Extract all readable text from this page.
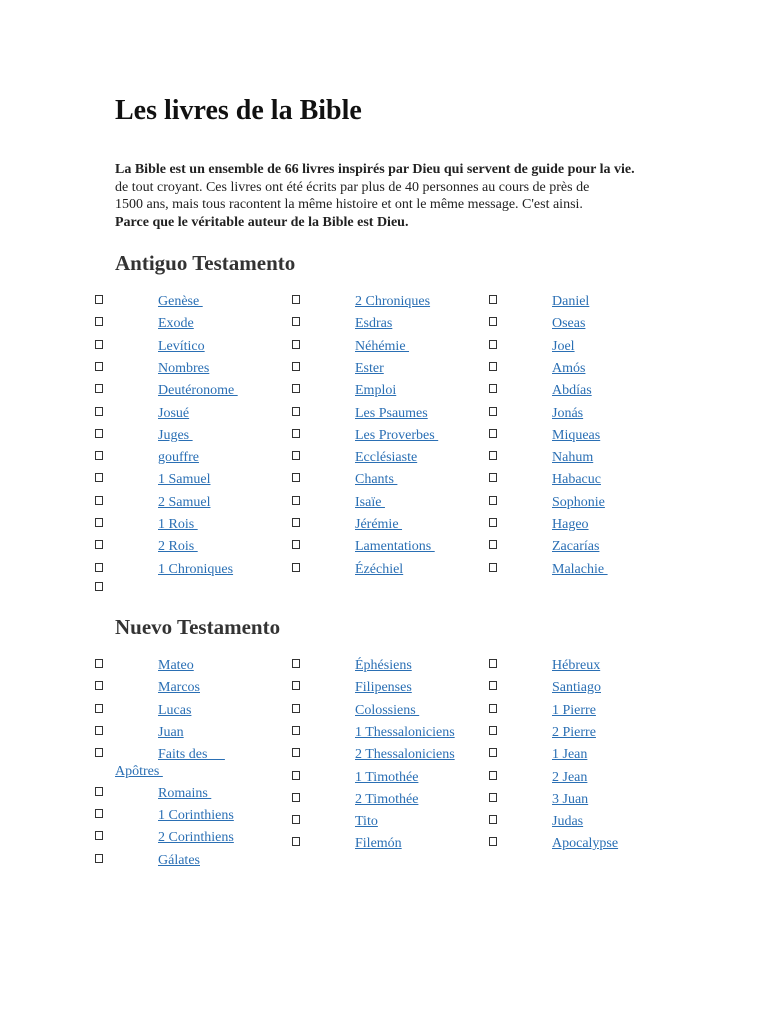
Les livres de la Bible
La Bible est un ensemble de 66 livres inspirés par Dieu qui servent de guide pour la vie.
de tout croyant. Ces livres ont été écrits par plus de 40 personnes au cours de près de
1500 ans, mais tous racontent la même histoire et ont le même message. C'est ainsi.
Parce que le véritable auteur de la Bible est Dieu.
Antiguo Testamento
Genèse
Exode
Levítico
Nombres
Deutéronome
Josué
Juges
gouffre
1 Samuel
2 Samuel
1 Rois
2 Rois
1 Chroniques
2 Chroniques
Esdras
Néhémie
Ester
Emploi
Les Psaumes
Les Proverbes
Ecclésiaste
Chants
Isaïe
Jérémie
Lamentations
Ézéchiel
Daniel
Oseas
Joel
Amós
Abdías
Jonás
Miqueas
Nahum
Habacuc
Sophonie
Hageo
Zacarías
Malachie
Nuevo Testamento
Mateo
Marcos
Lucas
Juan
Faits des
Apôtres
Romains
1 Corinthiens
2 Corinthiens
Gálates
Éphésiens
Filipenses
Colossiens
1 Thessaloniciens
2 Thessaloniciens
1 Timothée
2 Timothée
Tito
Filemón
Hébreux
Santiago
1 Pierre
2 Pierre
1 Jean
2 Jean
3 Juan
Judas
Apocalypse
